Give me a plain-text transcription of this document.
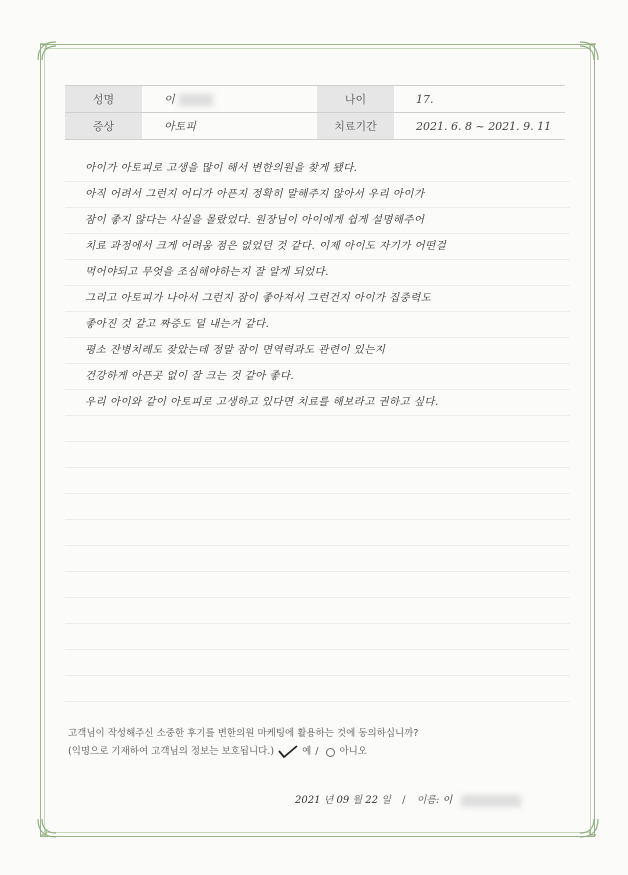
성명	이	나이	17.
증상	아토피	치료기간	2021. 6. 8 ~ 2021. 9. 11
아이가 아토피로 고생을 많이 해서 변한의원을 찾게 됐다.
아직 어려서 그런지 어디가 아픈지 정확히 말해주지 않아서 우리 아이가
잠이 좋지 않다는 사실을 몰랐었다. 원장님이 아이에게 쉽게 설명해주어
치료 과정에서 크게 어려움 점은 없었던 것 같다. 이제 아이도 자기가 어떤걸
먹어야되고 무엇을 조심해야하는지 잘 알게 되었다.
그리고 아토피가 나아서 그런지 잠이 좋아져서 그런건지 아이가 집중력도
좋아진 것 같고 짜증도 덜 내는거 같다.
평소 잔병치레도 잦았는데 정말 잠이 면역력과도 관련이 있는지
건강하게 아픈곳 없이 잘 크는 것 같아 좋다.
우리 아이와 같이 아토피로 고생하고 있다면 치료를 해보라고 권하고 싶다.
고객님이 작성해주신 소중한 후기를 변한의원 마케팅에 활용하는 것에 동의하십니까?
(익명으로 기재하여 고객님의 정보는 보호됩니다.)	예 / 아니오
2021 년 09 월 22 일 / 이름: 이
